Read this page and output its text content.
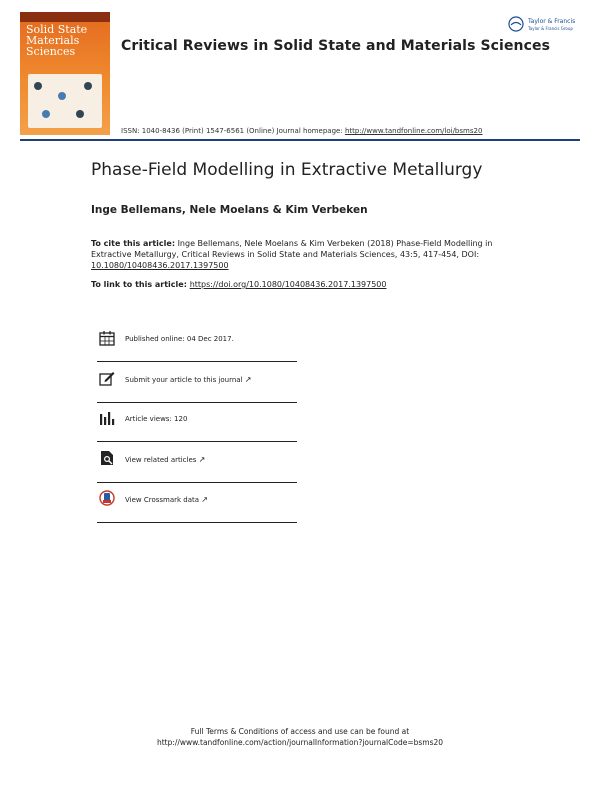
Solid State
Materials Sciences	Critical Reviews in Solid State and Materials Sciences
Taylor & Francis
Taylor & Francis Group
ISSN: 1040-8436 (Print) 1547-6561 (Online) Journal homepage: http://www.tandfonline.com/loi/bsms20
Phase-Field Modelling in Extractive Metallurgy
Inge Bellemans, Nele Moelans & Kim Verbeken
To cite this article: Inge Bellemans, Nele Moelans & Kim Verbeken (2018) Phase-Field Modelling in Extractive Metallurgy, Critical Reviews in Solid State and Materials Sciences, 43:5, 417-454, DOI: 10.1080/10408436.2017.1397500
To link to this article: https://doi.org/10.1080/10408436.2017.1397500
Published online: 04 Dec 2017.
Submit your article to this journal ↗
Article views: 120
View related articles ↗
View Crossmark data ↗
Full Terms & Conditions of access and use can be found at
http://www.tandfonline.com/action/journalInformation?journalCode=bsms20
